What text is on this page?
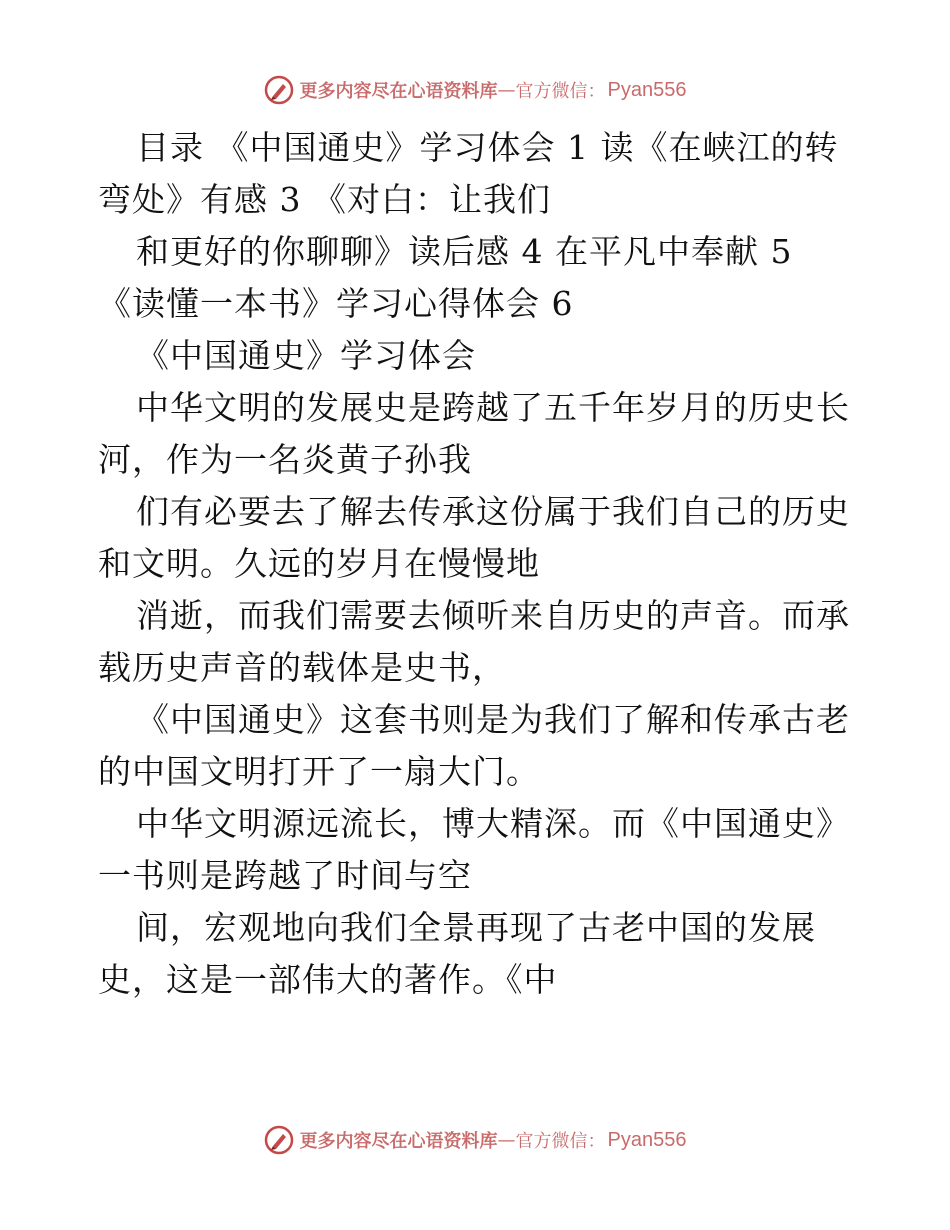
更多内容尽在心语资料库 — 官方微信： Pyan556
目录 《中国通史》学习体会 1 读《在峡江的转
弯处》有感 3 《对白：让我们
和更好的你聊聊》读后感 4 在平凡中奉献 5
《读懂一本书》学习心得体会 6
《中国通史》学习体会
中华文明的发展史是跨越了五千年岁月的历史长
河，作为一名炎黄子孙我
们有必要去了解去传承这份属于我们自己的历史
和文明。久远的岁月在慢慢地
消逝，而我们需要去倾听来自历史的声音。而承
载历史声音的载体是史书，
《中国通史》这套书则是为我们了解和传承古老
的中国文明打开了一扇大门。
中华文明源远流长，博大精深。而《中国通史》
一书则是跨越了时间与空
间，宏观地向我们全景再现了古老中国的发展
史，这是一部伟大的著作。《中
更多内容尽在心语资料库 — 官方微信： Pyan556
